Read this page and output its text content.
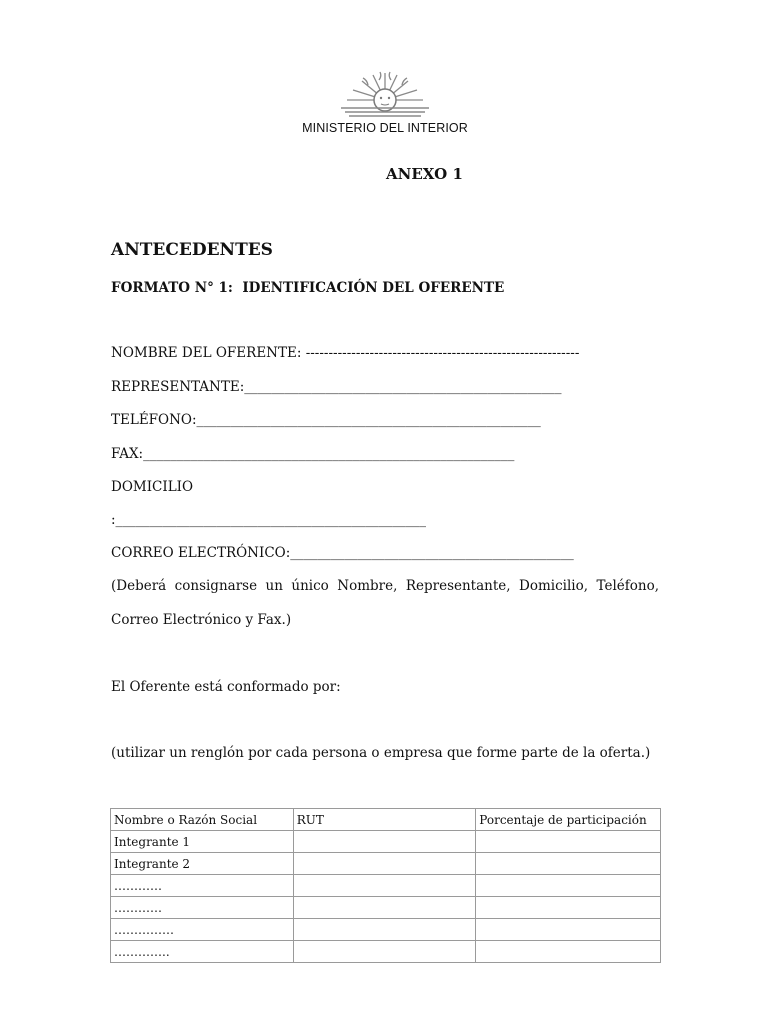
MINISTERIO DEL INTERIOR
ANEXO 1
ANTECEDENTES
FORMATO N° 1:  IDENTIFICACIÓN DEL OFERENTE
NOMBRE DEL OFERENTE: ------------------------------------------------------------
REPRESENTANTE:_______________________________________________
TELÉFONO:___________________________________________________
FAX:_______________________________________________________
DOMICILIO
:______________________________________________
CORREO ELECTRÓNICO:__________________________________________
(Deberá consignarse un único Nombre, Representante, Domicilio, Teléfono,
Correo Electrónico y Fax.)
El Oferente está conformado por:
(utilizar un renglón por cada persona o empresa que forme parte de la oferta.)
Nombre o Razón Social	RUT	Porcentaje de participación
Integrante 1		
Integrante 2		
…………		
…………		
……………		
…………..		
